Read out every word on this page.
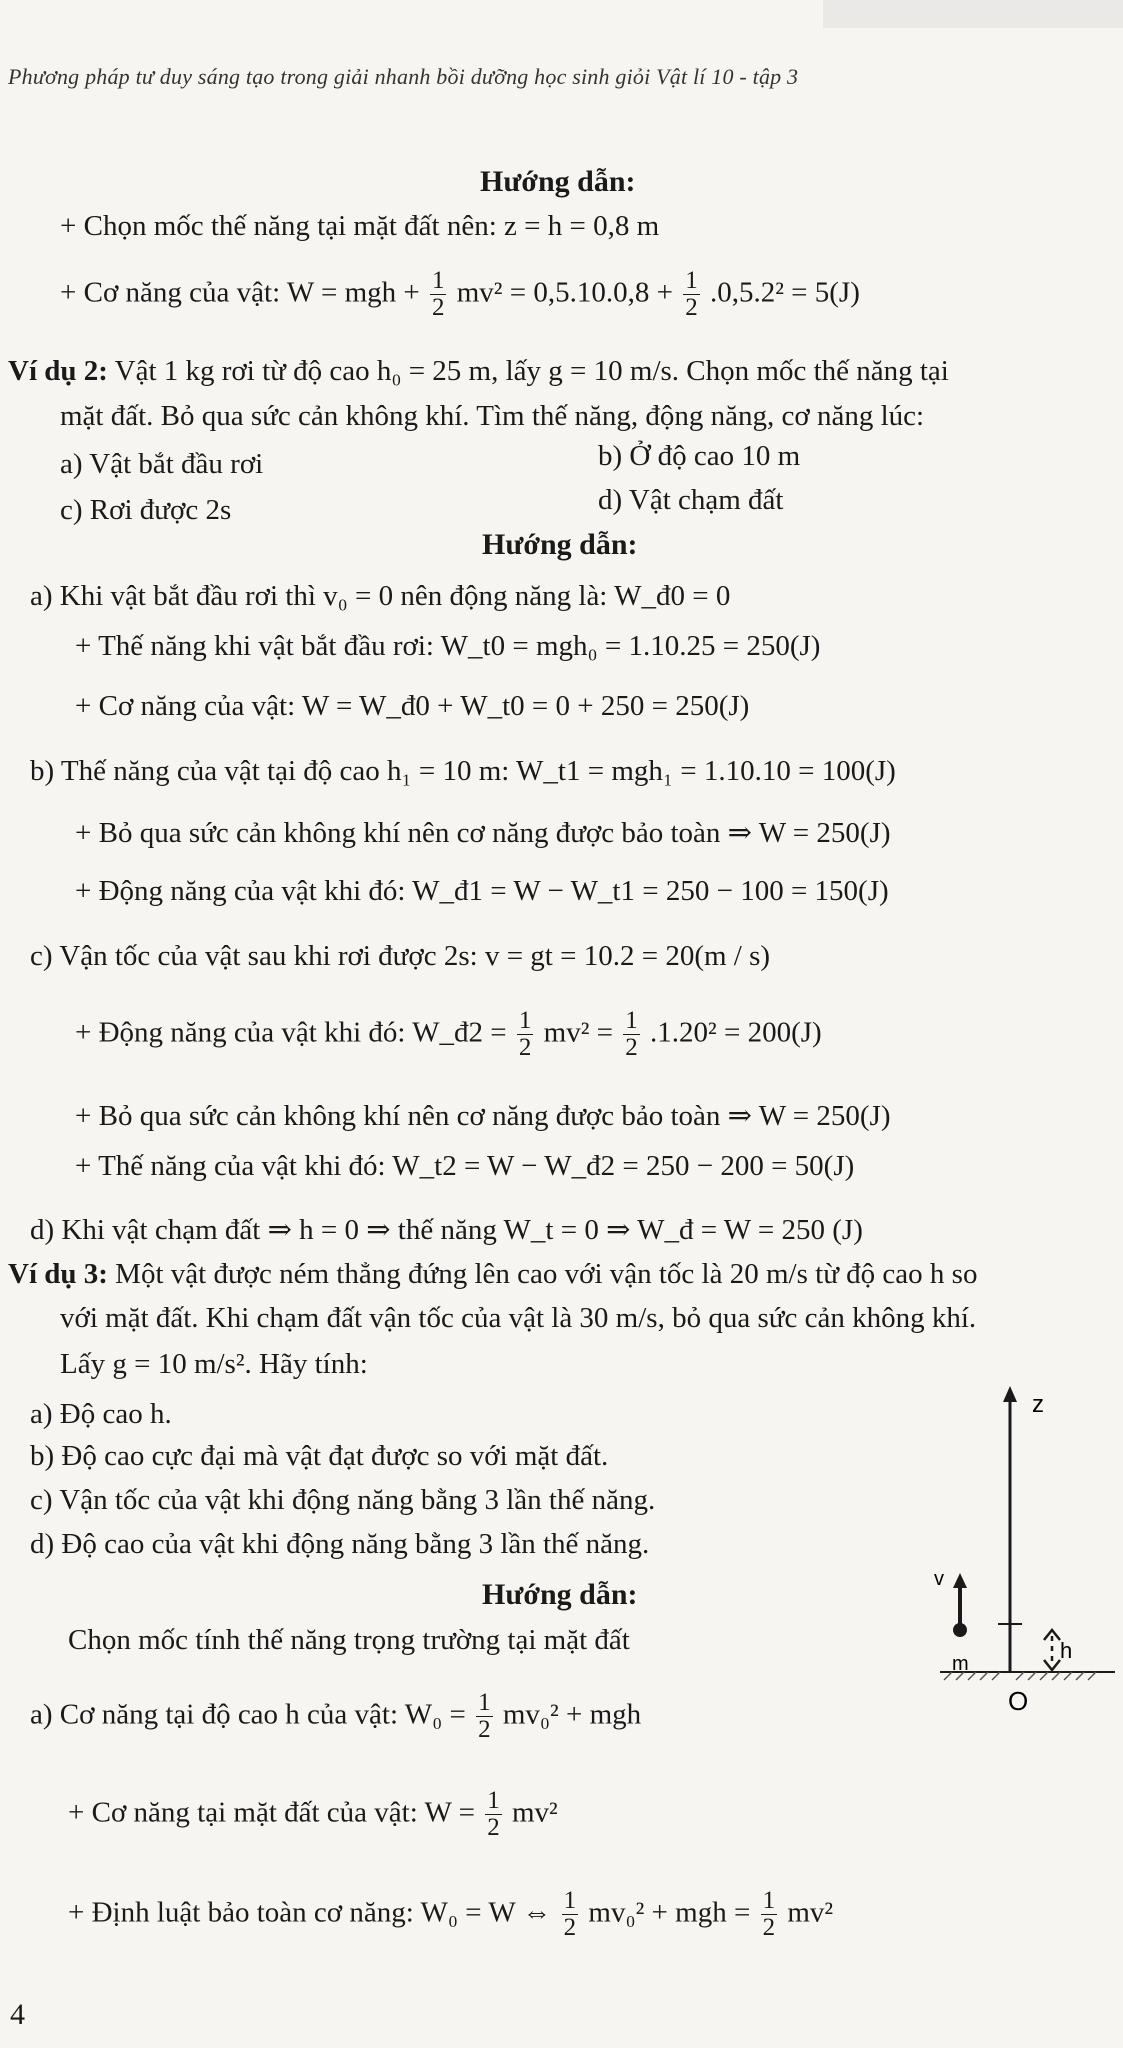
Phương pháp tư duy sáng tạo trong giải nhanh bồi dưỡng học sinh giỏi Vật lí 10 - tập 3
Hướng dẫn:
+ Chọn mốc thế năng tại mặt đất nên: z = h = 0,8 m
+ Cơ năng của vật: W = mgh + $\frac{1}{2} mv^2 = 0,5.10.0,8 + \frac{1}{2} .0,5.2^2 = 5(J)$
Ví dụ 2: Vật 1 kg rơi từ độ cao h₀ = 25 m, lấy g = 10 m/s. Chọn mốc thế năng tại
mặt đất. Bỏ qua sức cản không khí. Tìm thế năng, động năng, cơ năng lúc:
a) Vật bắt đầu rơi	b) Ở độ cao 10 m
c) Rơi được 2s	d) Vật chạm đất
Hướng dẫn:
a) Khi vật bắt đầu rơi thì v₀ = 0 nên động năng là: W_đ0 = 0
+ Thế năng khi vật bắt đầu rơi: W_t0 = mgh₀ = 1.10.25 = 250(J)
+ Cơ năng của vật: W = W_đ0 + W_t0 = 0 + 250 = 250(J)
b) Thế năng của vật tại độ cao h₁ = 10 m: W_t1 = mgh₁ = 1.10.10 = 100(J)
+ Bỏ qua sức cản không khí nên cơ năng được bảo toàn ⇒ W = 250(J)
+ Động năng của vật khi đó: W_đ1 = W − W_t1 = 250 − 100 = 150(J)
c) Vận tốc của vật sau khi rơi được 2s: v = gt = 10.2 = 20(m / s)
+ Động năng của vật khi đó: W_đ2 = $\frac{1}{2} mv^2 = \frac{1}{2} .1.20^2 = 200(J)$
+ Bỏ qua sức cản không khí nên cơ năng được bảo toàn ⇒ W = 250(J)
+ Thế năng của vật khi đó: W_t2 = W − W_đ2 = 250 − 200 = 50(J)
d) Khi vật chạm đất ⇒ h = 0 ⇒ thế năng W_t = 0 ⇒ W_đ = W = 250 (J)
Ví dụ 3: Một vật được ném thẳng đứng lên cao với vận tốc là 20 m/s từ độ cao h so
với mặt đất. Khi chạm đất vận tốc của vật là 30 m/s, bỏ qua sức cản không khí.
Lấy g = 10 m/s². Hãy tính:
a) Độ cao h.
b) Độ cao cực đại mà vật đạt được so với mặt đất.
c) Vận tốc của vật khi động năng bằng 3 lần thế năng.
d) Độ cao của vật khi động năng bằng 3 lần thế năng.
Hướng dẫn:
Chọn mốc tính thế năng trọng trường tại mặt đất
a) Cơ năng tại độ cao h của vật: $W_0 = \frac{1}{2} mv_0^2$ + mgh
+ Cơ năng tại mặt đất của vật: $W = \frac{1}{2} mv^2$
+ Định luật bảo toàn cơ năng: W₀ = W ⇔ $\frac{1}{2} mv_0^2$ + mgh = $\frac{1}{2} mv^2$
z
v
m
h
O
4
